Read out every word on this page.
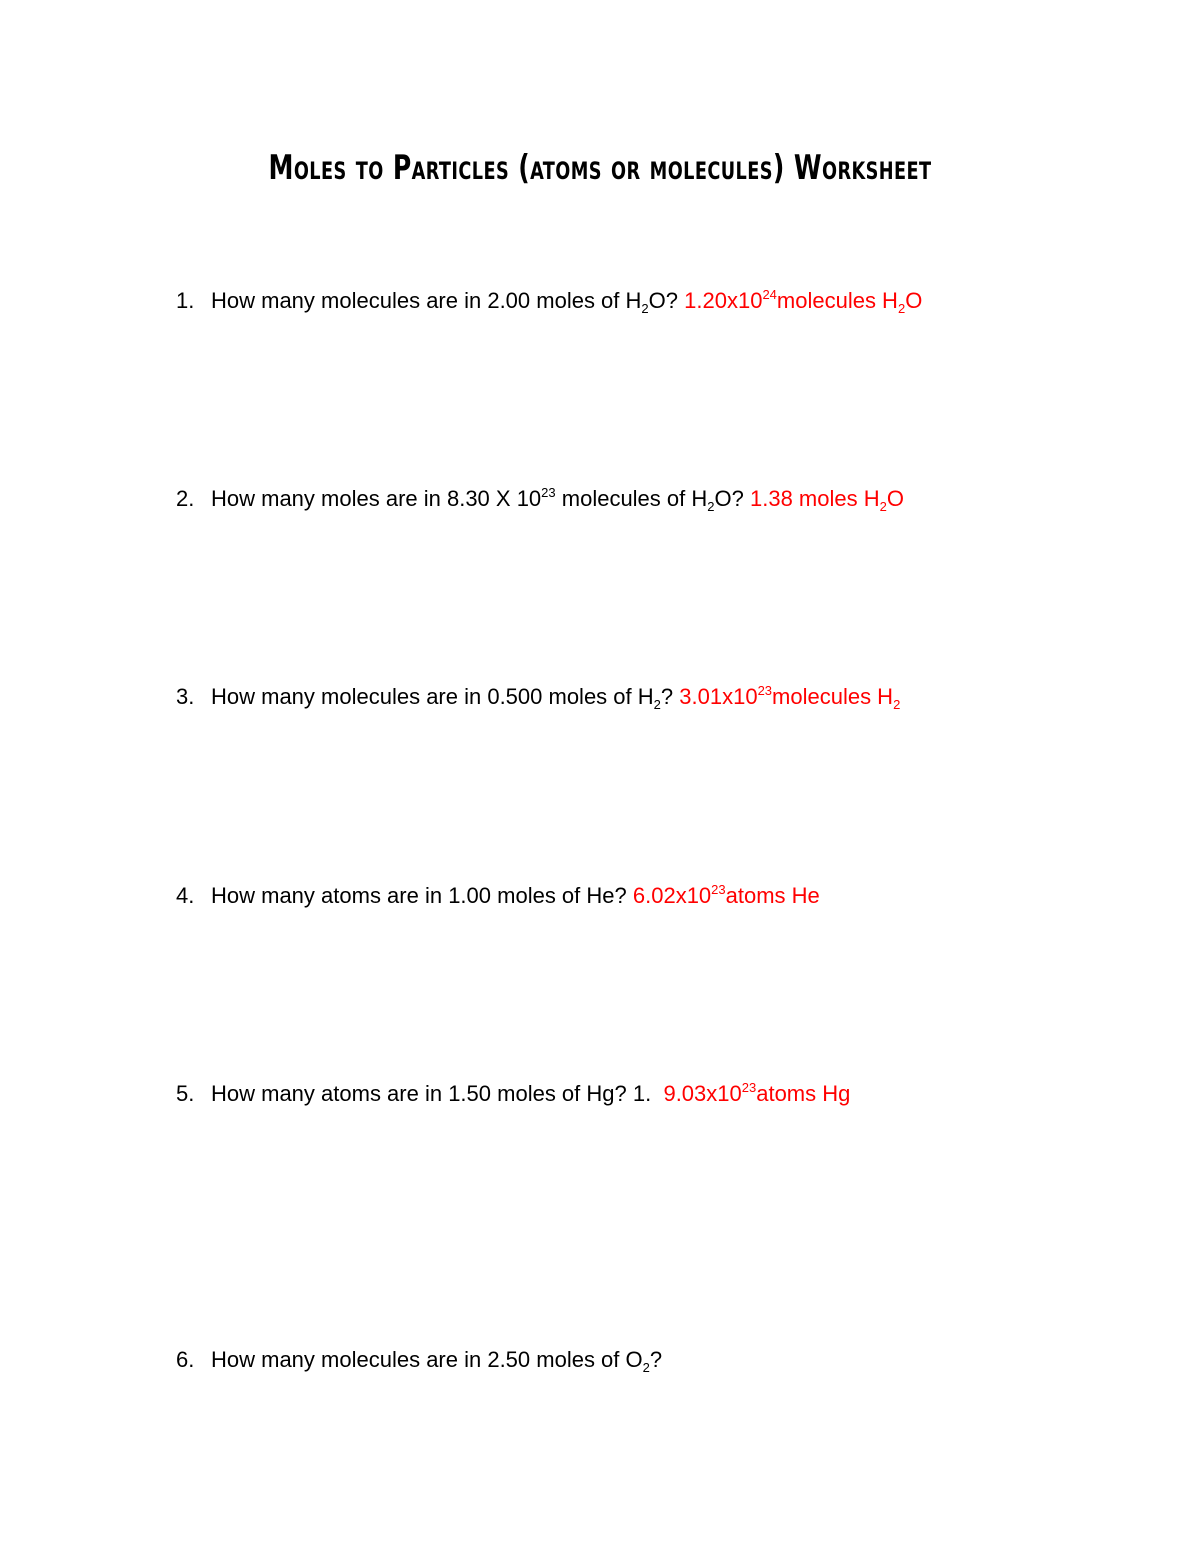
Moles to Particles (atoms or molecules) Worksheet
1. How many molecules are in 2.00 moles of $H_2O$? $1.20x10^{24}molecules$ $H_2O$
2. How many moles are in 8.30 X $10^{23}$ molecules of $H_2O$? 1.38 moles $H_2O$
3. How many molecules are in 0.500 moles of $H_2$? $3.01x10^{23}molecules$ $H_2$
4. How many atoms are in 1.00 moles of He? $6.02x10^{23}atoms$ He
5. How many atoms are in 1.50 moles of Hg? 1. $9.03x10^{23}atoms$ Hg
6. How many molecules are in 2.50 moles of $O_2$?
